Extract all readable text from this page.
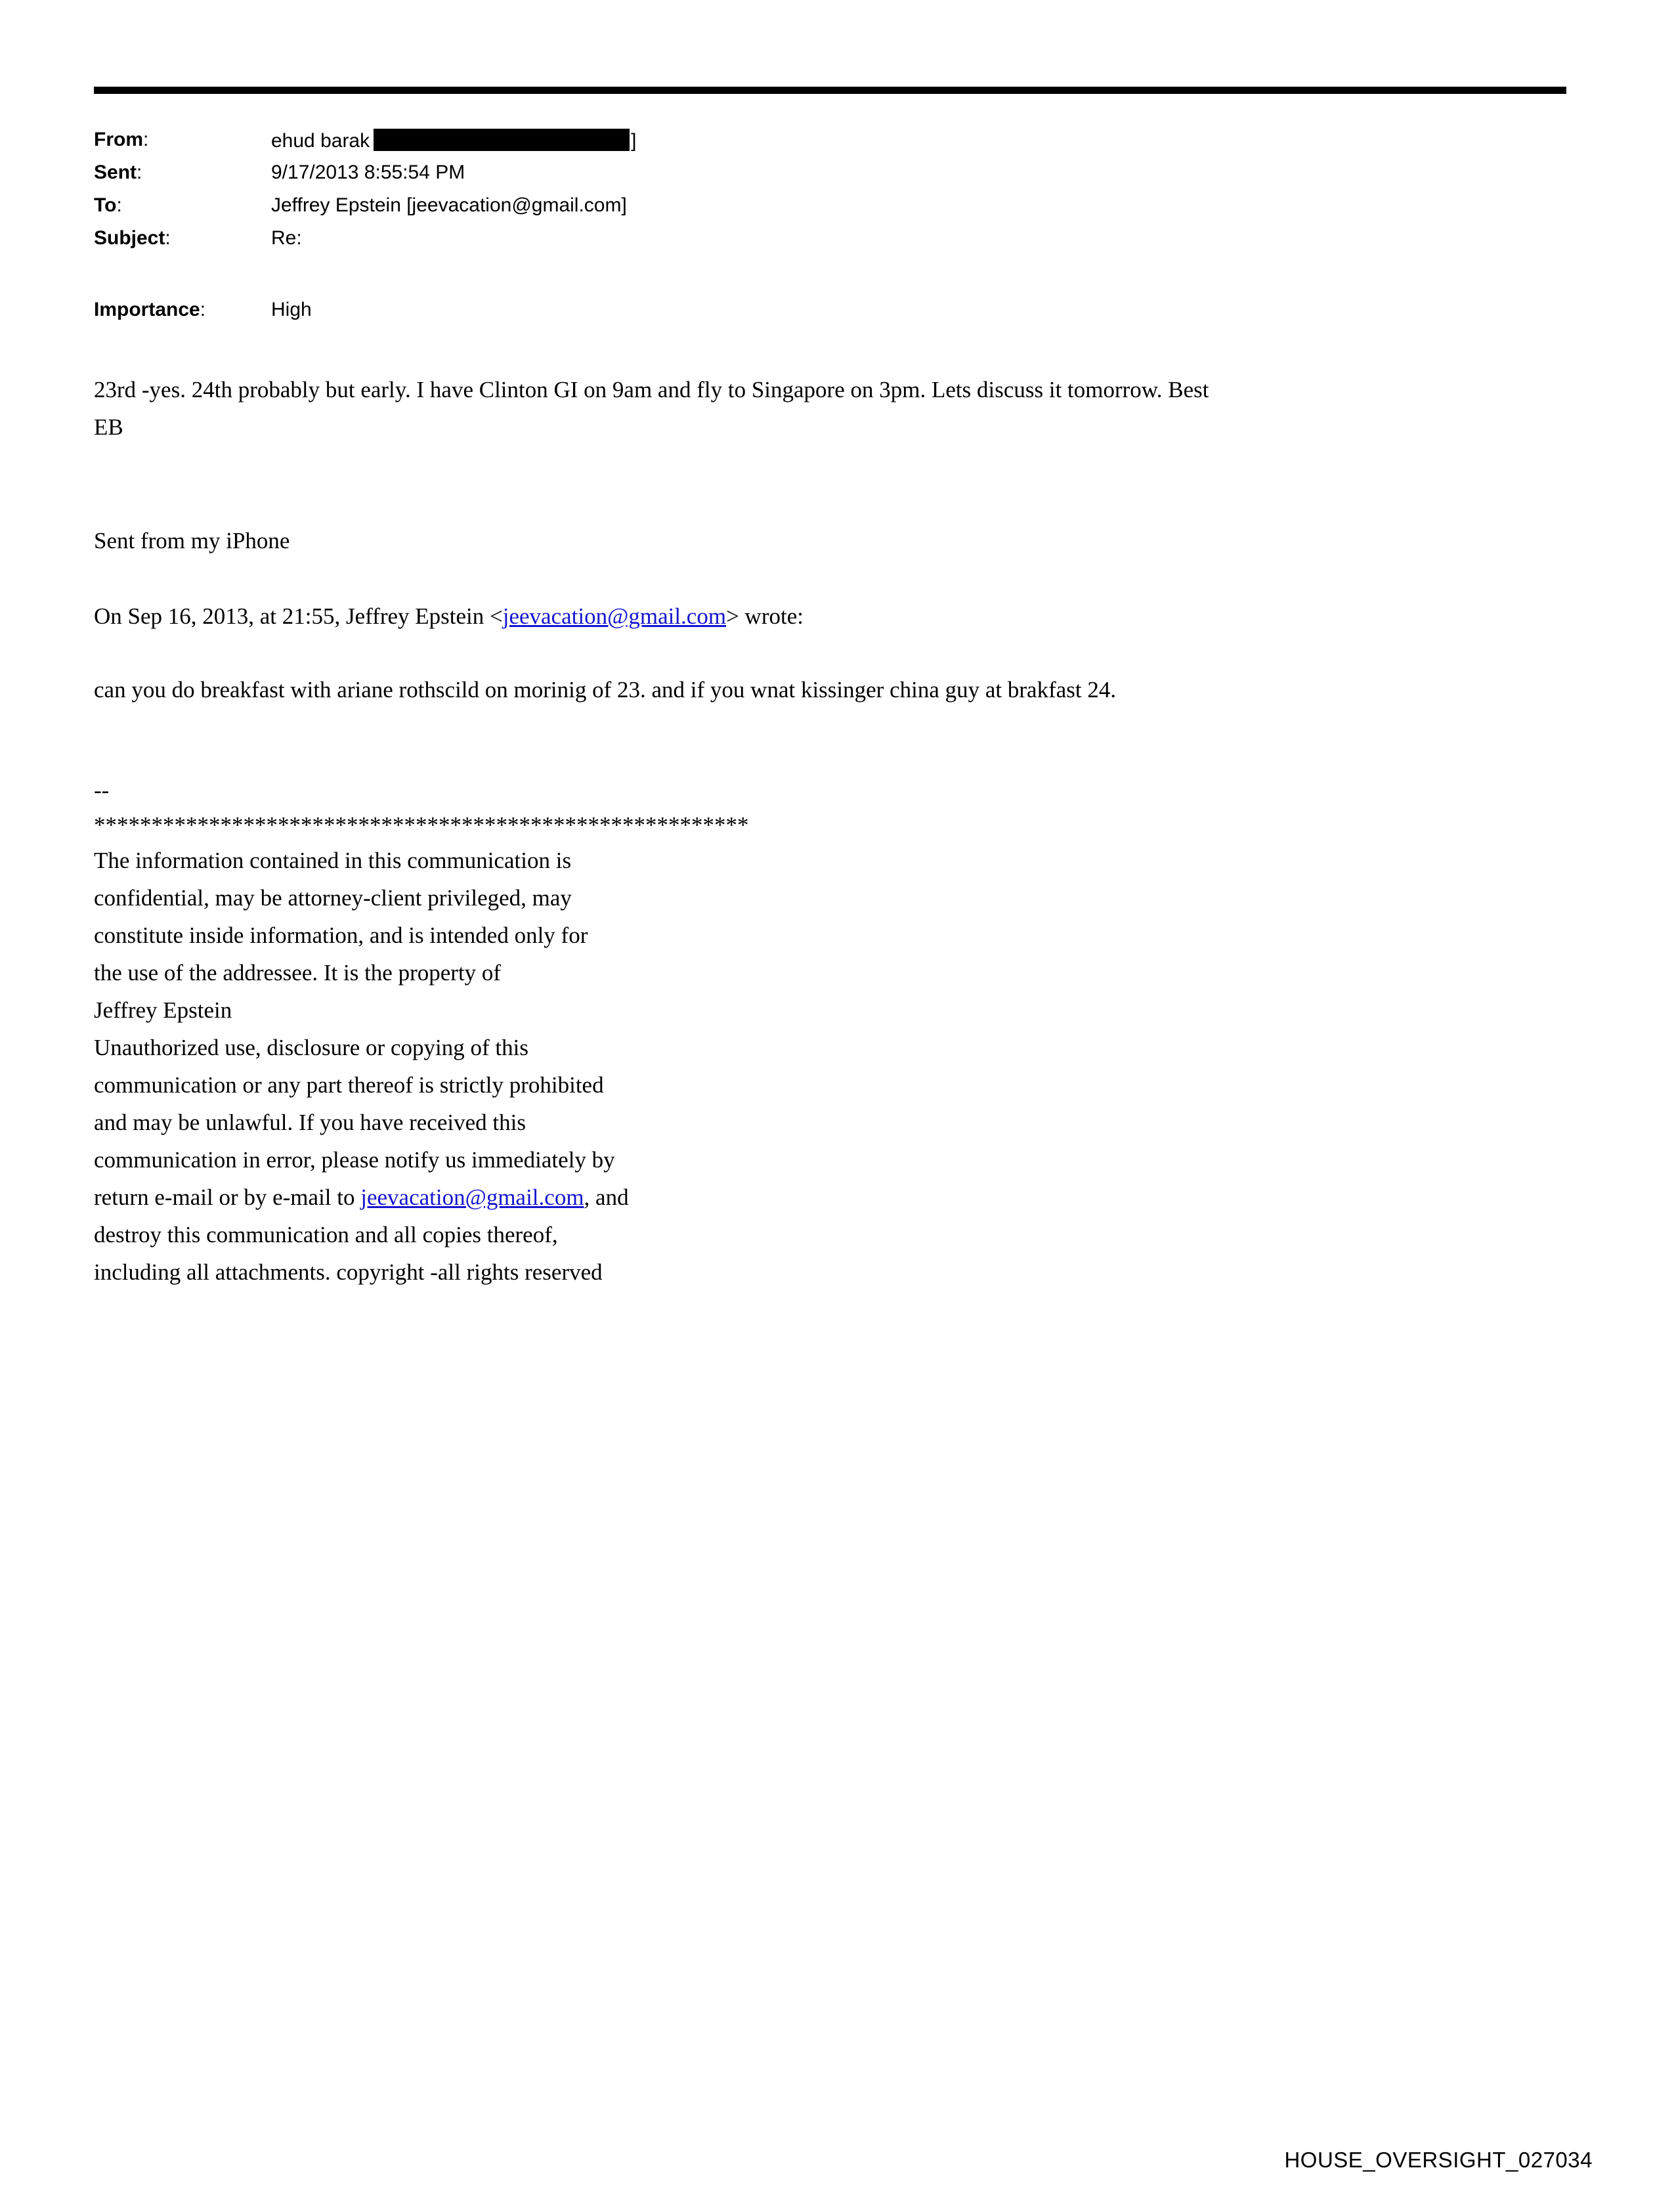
From:	ehud barak	]
Sent:	9/17/2013 8:55:54 PM
To:	Jeffrey Epstein [jeevacation@gmail.com]
Subject:	Re:
Importance:	High
23rd -yes. 24th probably but early. I have Clinton GI on 9am and fly to Singapore on 3pm. Lets discuss it tomorrow. Best
EB
Sent from my iPhone
On Sep 16, 2013, at 21:55, Jeffrey Epstein <jeevacation@gmail.com> wrote:
can you do breakfast with ariane rothscild on morinig of 23. and if you wnat kissinger china guy at brakfast 24.
--
*********************************************************
The information contained in this communication is
confidential, may be attorney-client privileged, may
constitute inside information, and is intended only for
the use of the addressee. It is the property of
Jeffrey Epstein
Unauthorized use, disclosure or copying of this
communication or any part thereof is strictly prohibited
and may be unlawful. If you have received this
communication in error, please notify us immediately by
return e-mail or by e-mail to jeevacation@gmail.com, and
destroy this communication and all copies thereof,
including all attachments. copyright -all rights reserved
HOUSE_OVERSIGHT_027034
